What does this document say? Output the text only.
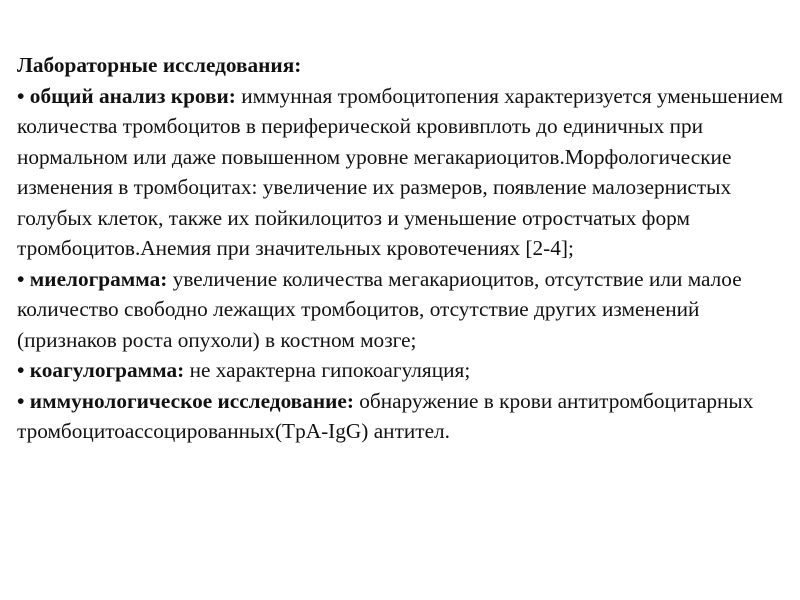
Лабораторные исследования:

• общий анализ крови: иммунная тромбоцитопения характеризуется уменьшением количества тромбоцитов в периферической кровивплоть до единичных при нормальном или даже повышенном уровне мегакариоцитов.Морфологические изменения в тромбоцитах: увеличение их размеров, появление малозернистых голубых клеток, также их пойкилоцитоз и уменьшение отростчатых форм тромбоцитов.Анемия при значительных кровотечениях [2-4];

• миелограмма: увеличение количества мегакариоцитов, отсутствие или малое количество свободно лежащих тромбоцитов, отсутствие других изменений (признаков роста опухоли) в костном мозге;

• коагулограмма: не характерна гипокоагуляция;

• иммунологическое исследование: обнаружение в крови антитромбоцитарных тромбоцитоассоцированных(TpA-IgG) антител.
